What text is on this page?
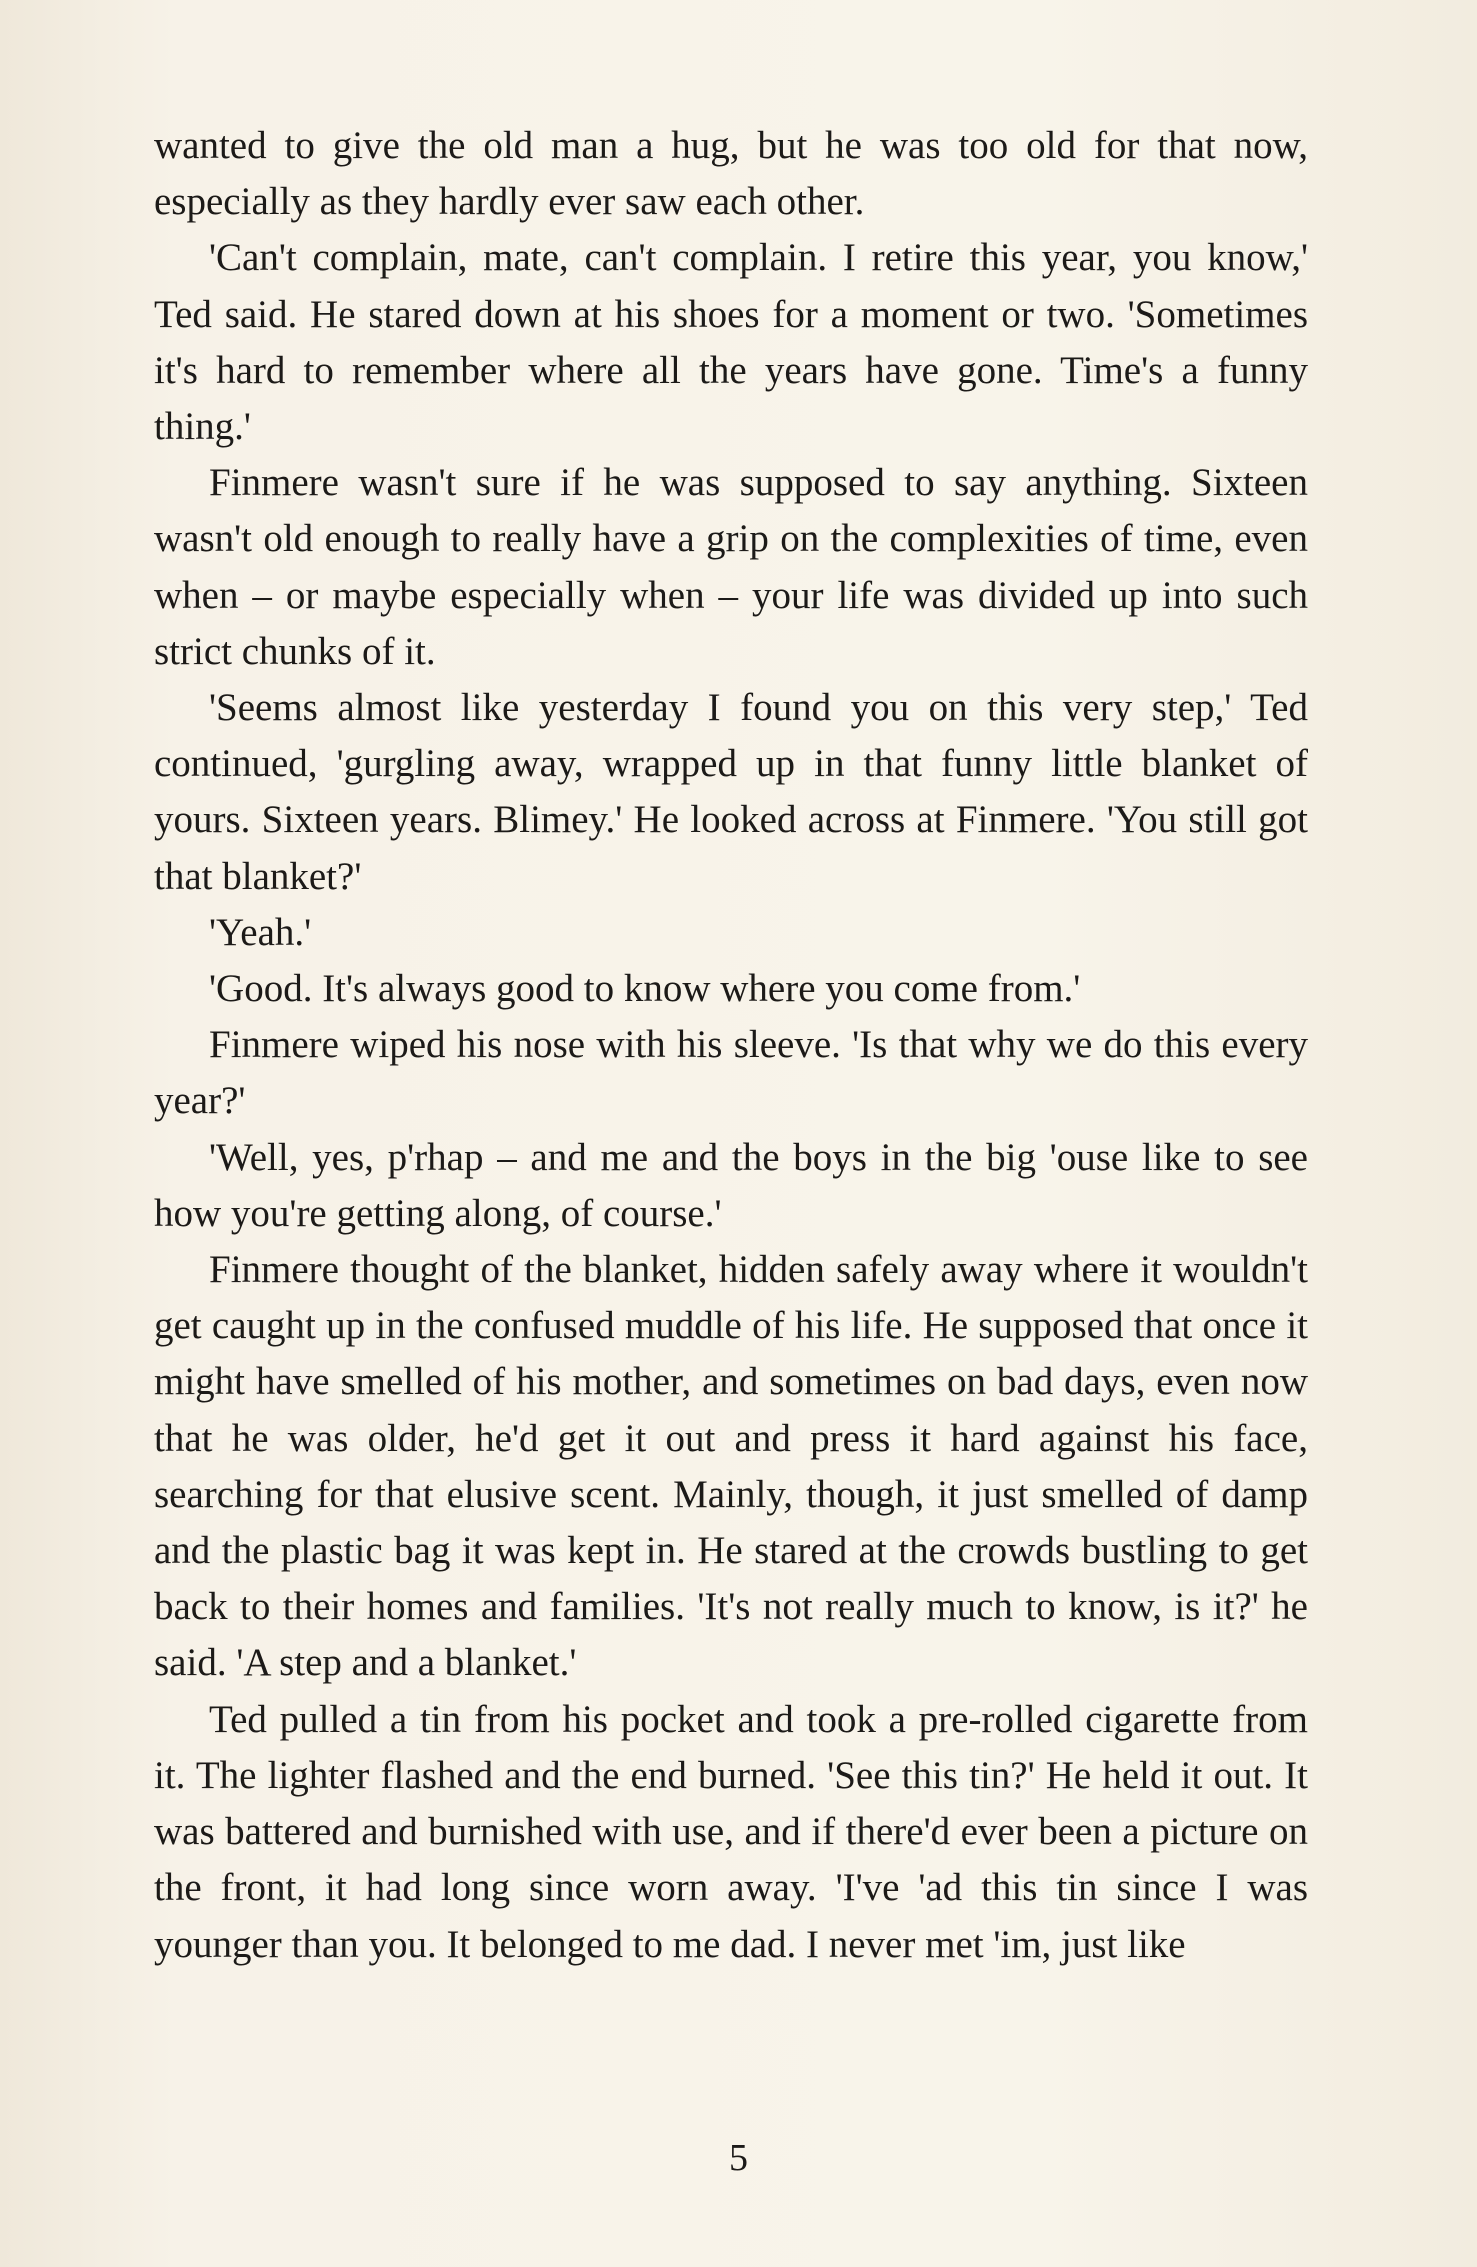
wanted to give the old man a hug, but he was too old for that now, especially as they hardly ever saw each other.

'Can't complain, mate, can't complain. I retire this year, you know,' Ted said. He stared down at his shoes for a moment or two. 'Sometimes it's hard to remember where all the years have gone. Time's a funny thing.'

Finmere wasn't sure if he was supposed to say anything. Sixteen wasn't old enough to really have a grip on the complexities of time, even when – or maybe especially when – your life was divided up into such strict chunks of it.

'Seems almost like yesterday I found you on this very step,' Ted continued, 'gurgling away, wrapped up in that funny little blanket of yours. Sixteen years. Blimey.' He looked across at Finmere. 'You still got that blanket?'

'Yeah.'

'Good. It's always good to know where you come from.'

Finmere wiped his nose with his sleeve. 'Is that why we do this every year?'

'Well, yes, p'rhap – and me and the boys in the big 'ouse like to see how you're getting along, of course.'

Finmere thought of the blanket, hidden safely away where it wouldn't get caught up in the confused muddle of his life. He supposed that once it might have smelled of his mother, and sometimes on bad days, even now that he was older, he'd get it out and press it hard against his face, searching for that elusive scent. Mainly, though, it just smelled of damp and the plastic bag it was kept in. He stared at the crowds bustling to get back to their homes and families. 'It's not really much to know, is it?' he said. 'A step and a blanket.'

Ted pulled a tin from his pocket and took a pre-rolled cigarette from it. The lighter flashed and the end burned. 'See this tin?' He held it out. It was battered and burnished with use, and if there'd ever been a picture on the front, it had long since worn away. 'I've 'ad this tin since I was younger than you. It belonged to me dad. I never met 'im, just like

5
